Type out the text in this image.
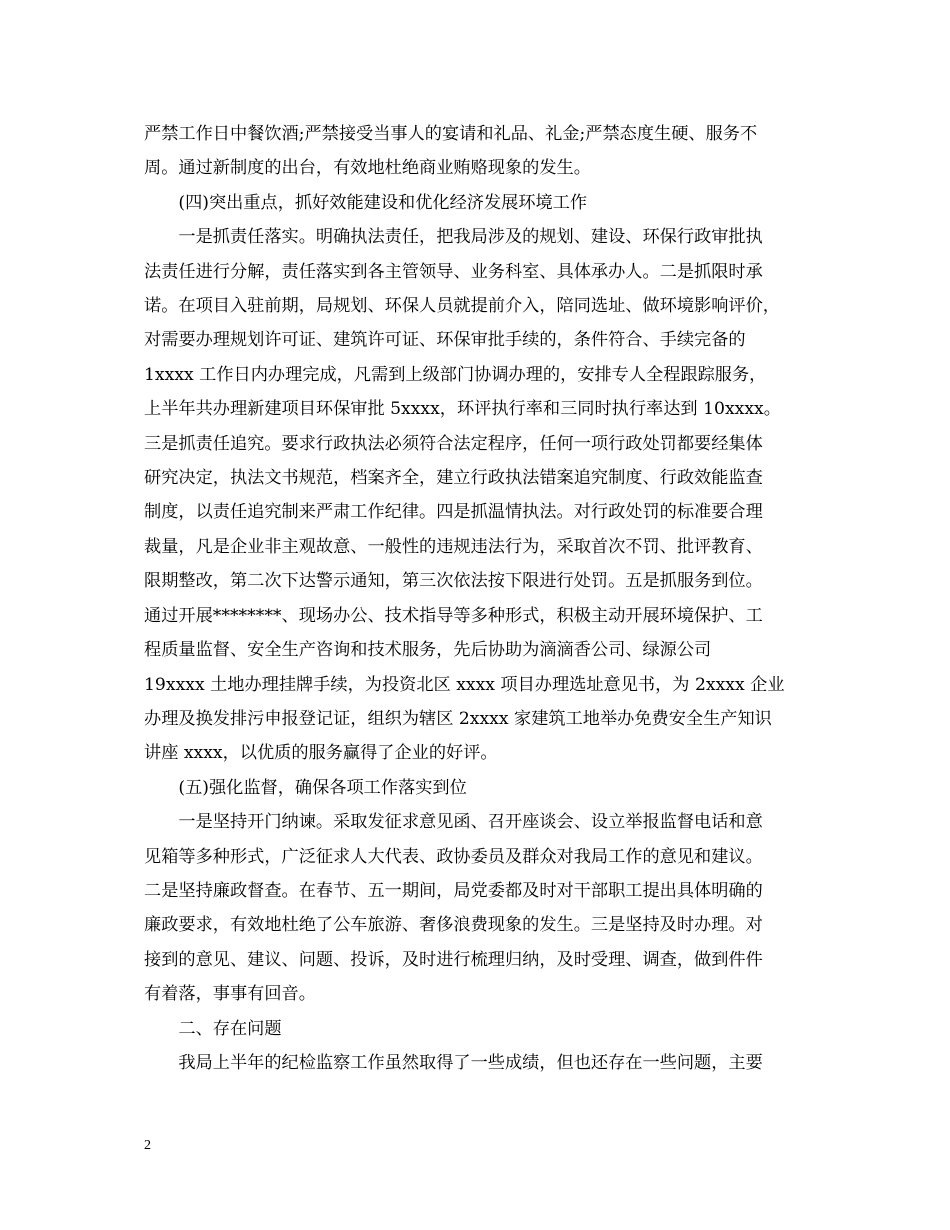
严禁工作日中餐饮酒;严禁接受当事人的宴请和礼品、礼金;严禁态度生硬、服务不
周。通过新制度的出台，有效地杜绝商业贿赂现象的发生。
(四)突出重点，抓好效能建设和优化经济发展环境工作
一是抓责任落实。明确执法责任，把我局涉及的规划、建设、环保行政审批执
法责任进行分解，责任落实到各主管领导、业务科室、具体承办人。二是抓限时承
诺。在项目入驻前期，局规划、环保人员就提前介入，陪同选址、做环境影响评价，
对需要办理规划许可证、建筑许可证、环保审批手续的，条件符合、手续完备的
1xxxx 工作日内办理完成，凡需到上级部门协调办理的，安排专人全程跟踪服务，
上半年共办理新建项目环保审批 5xxxx，环评执行率和三同时执行率达到 10xxxx。
三是抓责任追究。要求行政执法必须符合法定程序，任何一项行政处罚都要经集体
研究决定，执法文书规范，档案齐全，建立行政执法错案追究制度、行政效能监查
制度，以责任追究制来严肃工作纪律。四是抓温情执法。对行政处罚的标准要合理
裁量，凡是企业非主观故意、一般性的违规违法行为，采取首次不罚、批评教育、
限期整改，第二次下达警示通知，第三次依法按下限进行处罚。五是抓服务到位。
通过开展********、现场办公、技术指导等多种形式，积极主动开展环境保护、工
程质量监督、安全生产咨询和技术服务，先后协助为滴滴香公司、绿源公司
19xxxx 土地办理挂牌手续，为投资北区 xxxx 项目办理选址意见书，为 2xxxx 企业
办理及换发排污申报登记证，组织为辖区 2xxxx 家建筑工地举办免费安全生产知识
讲座 xxxx，以优质的服务赢得了企业的好评。
(五)强化监督，确保各项工作落实到位
一是坚持开门纳谏。采取发征求意见函、召开座谈会、设立举报监督电话和意
见箱等多种形式，广泛征求人大代表、政协委员及群众对我局工作的意见和建议。
二是坚持廉政督查。在春节、五一期间，局党委都及时对干部职工提出具体明确的
廉政要求，有效地杜绝了公车旅游、奢侈浪费现象的发生。三是坚持及时办理。对
接到的意见、建议、问题、投诉，及时进行梳理归纳，及时受理、调查，做到件件
有着落，事事有回音。
二、存在问题
我局上半年的纪检监察工作虽然取得了一些成绩，但也还存在一些问题，主要
2
